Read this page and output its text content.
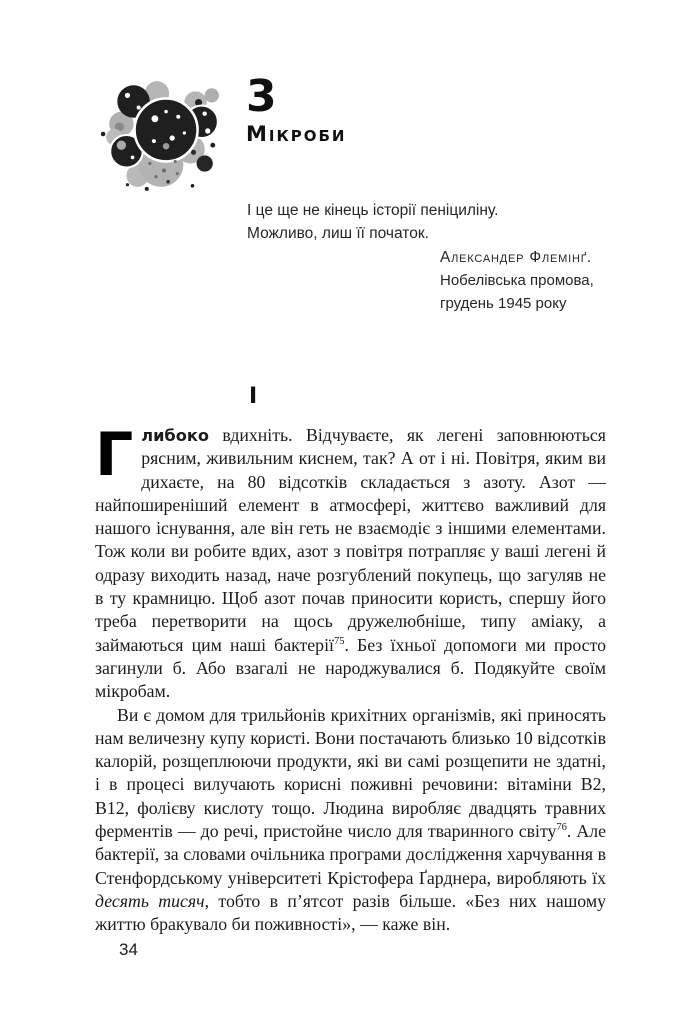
3
Мікроби
І це ще не кінець історії пеніциліну.
Можливо, лиш її початок.
Александер Флемінґ.
Нобелівська промова,
грудень 1945 року
І

Глибоко вдихніть. Відчуваєте, як легені заповнюються рясним, живильним киснем, так? А от і ні. Повітря, яким ви дихаєте, на 80 відсотків складається з азоту. Азот — найпоширеніший елемент в атмосфері, життєво важливий для нашого існування, але він геть не взаємодіє з іншими елементами. Тож коли ви робите вдих, азот з повітря потрапляє у ваші легені й одразу виходить назад, наче розгублений покупець, що загуляв не в ту крамницю. Щоб азот почав приносити користь, спершу його треба перетворити на щось дружелюбніше, типу аміаку, а займаються цим наші бактерії$^{75}$. Без їхньої допомоги ми просто загинули б. Або взагалі не народжувалися б. Подякуйте своїм мікробам.

Ви є домом для трильйонів крихітних організмів, які приносять нам величезну купу користі. Вони постачають близько 10 відсотків калорій, розщеплюючи продукти, які ви самі розщепити не здатні, і в процесі вилучають корисні поживні речовини: вітаміни B2, B12, фолієву кислоту тощо. Людина виробляє двадцять травних ферментів — до речі, пристойне число для тваринного світу$^{76}$. Але бактерії, за словами очільника програми дослідження харчування в Стенфордському університеті Крістофера Ґарднера, виробляють їх десять тисяч, тобто в п’ятсот разів більше. «Без них нашому життю бракувало би поживності», — каже він.

34
